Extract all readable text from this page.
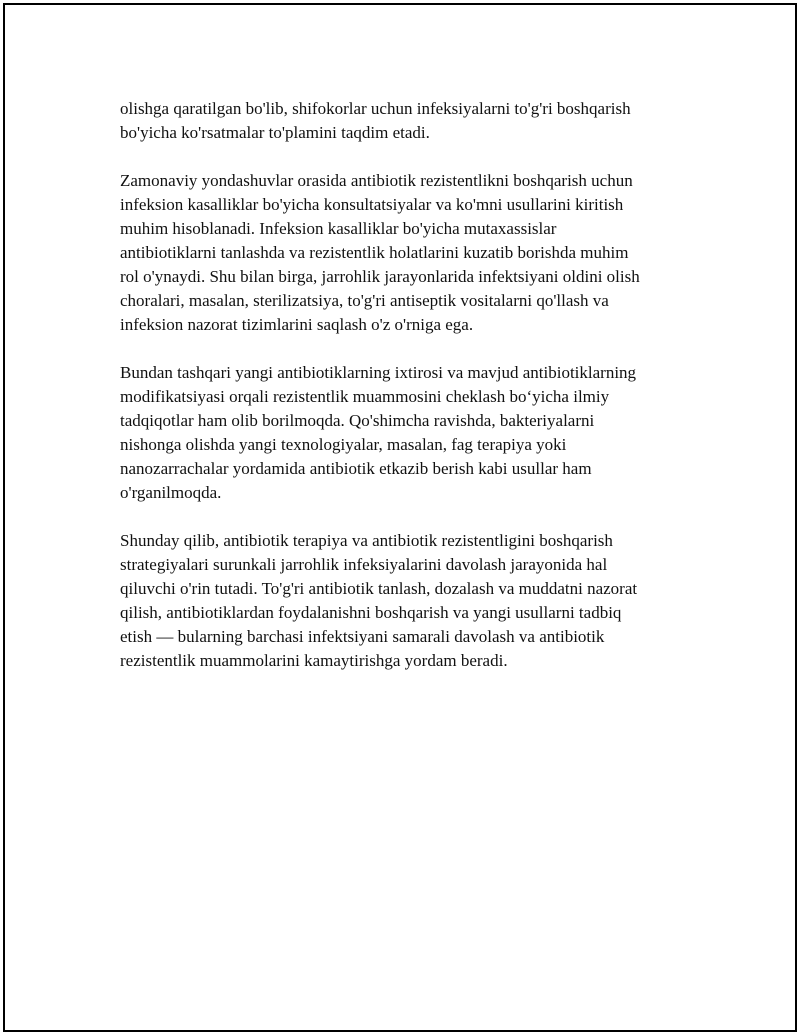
olishga qaratilgan bo'lib, shifokorlar uchun infeksiyalarni to'g'ri boshqarish
bo'yicha ko'rsatmalar to'plamini taqdim etadi.

Zamonaviy yondashuvlar orasida antibiotik rezistentlikni boshqarish uchun
infeksion kasalliklar bo'yicha konsultatsiyalar va ko'mni usullarini kiritish
muhim hisoblanadi. Infeksion kasalliklar bo'yicha mutaxassislar
antibiotiklarni tanlashda va rezistentlik holatlarini kuzatib borishda muhim
rol o'ynaydi. Shu bilan birga, jarrohlik jarayonlarida infektsiyani oldini olish
choralari, masalan, sterilizatsiya, to'g'ri antiseptik vositalarni qo'llash va
infeksion nazorat tizimlarini saqlash o'z o'rniga ega.

Bundan tashqari yangi antibiotiklarning ixtirosi va mavjud antibiotiklarning
modifikatsiyasi orqali rezistentlik muammosini cheklash bo‘yicha ilmiy
tadqiqotlar ham olib borilmoqda. Qo'shimcha ravishda, bakteriyalarni
nishonga olishda yangi texnologiyalar, masalan, fag terapiya yoki
nanozarrachalar yordamida antibiotik etkazib berish kabi usullar ham
o'rganilmoqda.

Shunday qilib, antibiotik terapiya va antibiotik rezistentligini boshqarish
strategiyalari surunkali jarrohlik infeksiyalarini davolash jarayonida hal
qiluvchi o'rin tutadi. To'g'ri antibiotik tanlash, dozalash va muddatni nazorat
qilish, antibiotiklardan foydalanishni boshqarish va yangi usullarni tadbiq
etish — bularning barchasi infektsiyani samarali davolash va antibiotik
rezistentlik muammolarini kamaytirishga yordam beradi.
